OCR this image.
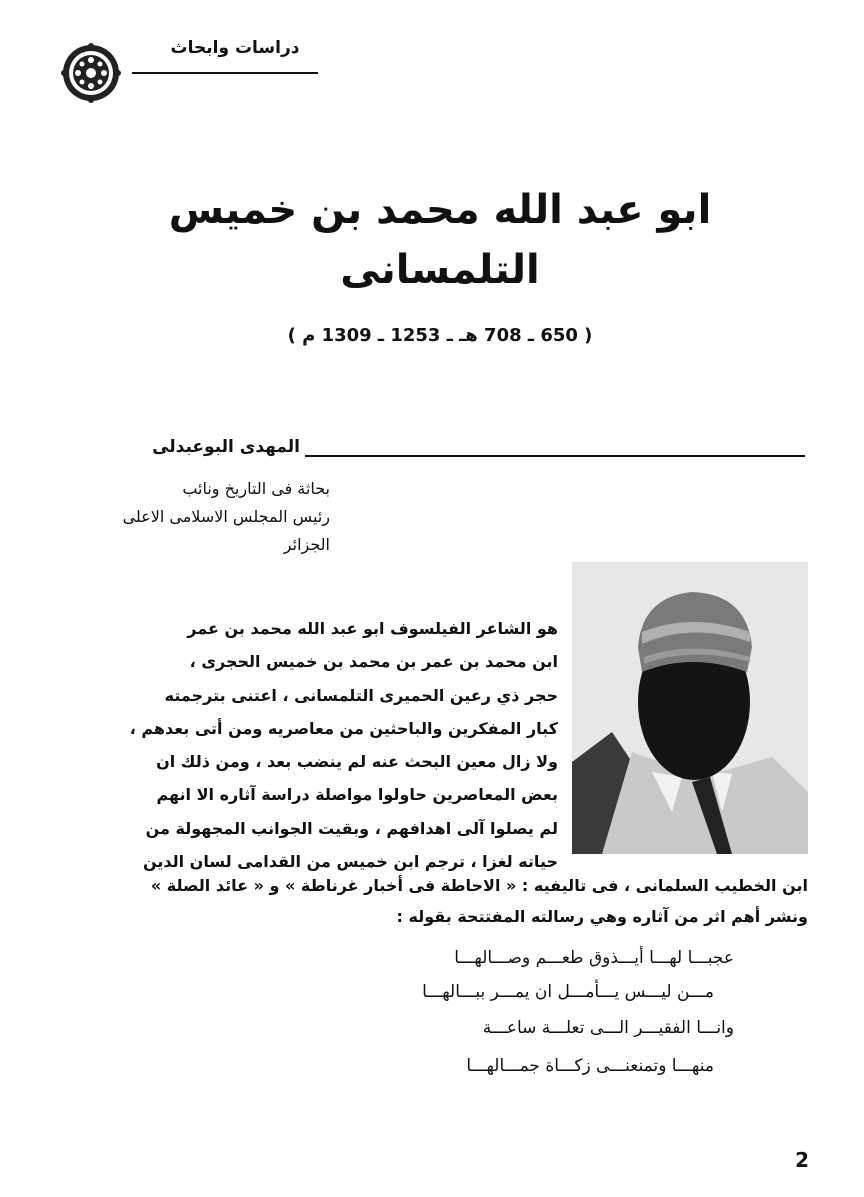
دراسات وابحاث
ابو عبد الله محمد بن خميس
التلمسانى
( 650 ـ 708 هـ ـ 1253 ـ 1309 م )
المهدى البوعبدلى
بحاثة فى التاريخ ونائب
رئيس المجلس الاسلامى الاعلى
الجزائر
هو الشاعر الفيلسوف ابو عبد الله محمد بن عمر
ابن محمد بن عمر بن محمد بن خميس الحجرى ،
حجر ذي رعين الحميرى التلمسانى ، اعتنى بترجمته
كبار المفكرين والباحثين من معاصريه ومن أتى بعدهم ،
ولا زال معين البحث عنه لم ينضب بعد ، ومن ذلك ان
بعض المعاصرين حاولوا مواصلة دراسة آثاره الا انهم
لم يصلوا آلى اهدافهم ، وبقيت الجوانب المجهولة من
حياته لغزا ، ترجم ابن خميس من القدامى لسان الدين
ابن الخطيب السلمانى ، فى تاليفيه : « الاحاطة فى أخبار غرناطة » و « عائد الصلة »
ونشر أهم اثر من آثاره وهي رسالته المفتتحة بقوله :
عجبـــا لهـــا أيـــذوق طعـــم وصـــالهـــا
مـــن ليـــس يـــأمـــل ان يمـــر ببـــالهـــا
وانـــا الفقيـــر الـــى تعلـــة ساعـــة
منهـــا وتمنعنـــى زكـــاة جمـــالهـــا
2
